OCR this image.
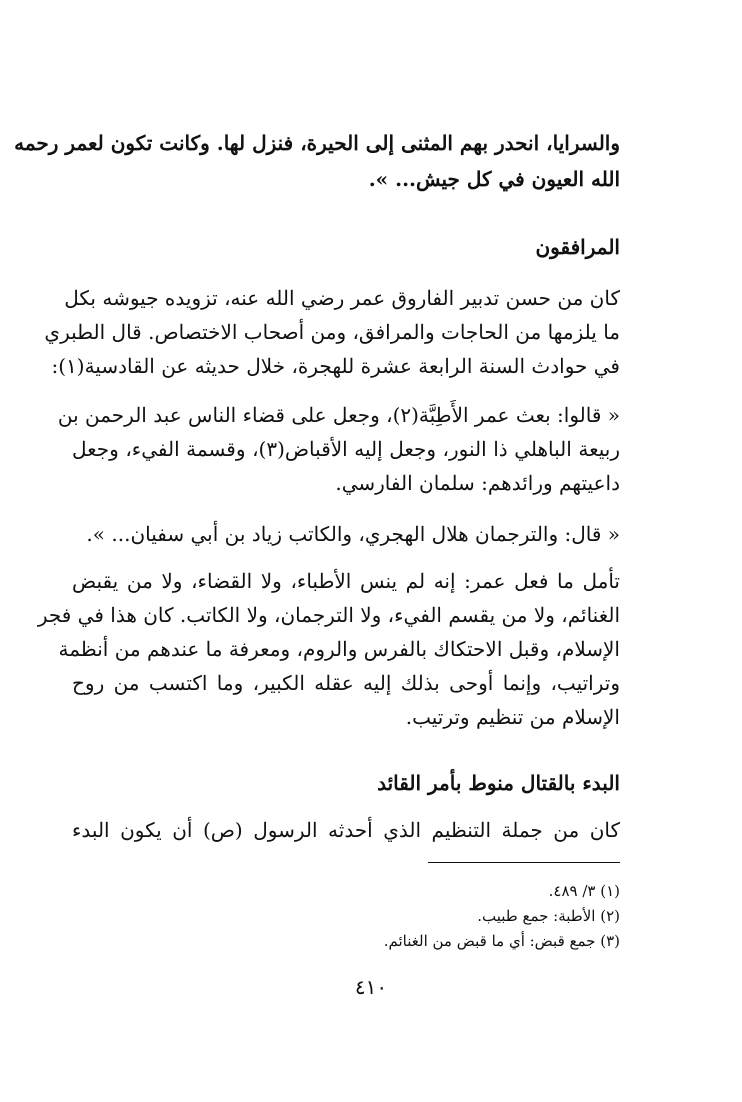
والسرايا، انحدر بهم المثنى إلى الحيرة، فنزل لها. وكانت تكون لعمر رحمه

الله العيون في كل جيش... ».

المرافقون

كان من حسن تدبير الفاروق عمر رضي الله عنه، تزويده جيوشه بكل

ما يلزمها من الحاجات والمرافق، ومن أصحاب الاختصاص. قال الطبري

في حوادث السنة الرابعة عشرة للهجرة، خلال حديثه عن القادسية(١):

« قالوا: بعث عمر الأَطِبَّة(٢)، وجعل على قضاء الناس عبد الرحمن بن

ربيعة الباهلي ذا النور، وجعل إليه الأقباض(٣)، وقسمة الفيء، وجعل

داعيتهم ورائدهم: سلمان الفارسي.

« قال: والترجمان هلال الهجري، والكاتب زياد بن أبي سفيان... ».

تأمل ما فعل عمر: إنه لم ينس الأطباء، ولا القضاء، ولا من يقبض

الغنائم، ولا من يقسم الفيء، ولا الترجمان، ولا الكاتب. كان هذا في فجر

الإسلام، وقبل الاحتكاك بالفرس والروم، ومعرفة ما عندهم من أنظمة

وتراتيب، وإنما أوحى بذلك إليه عقله الكبير، وما اكتسب من روح

الإسلام من تنظيم وترتيب.

البدء بالقتال منوط بأمر القائد

كان من جملة التنظيم الذي أحدثه الرسول (ص) أن يكون البدء

(١) ٣/ ٤٨٩.

(٢) الأطبة: جمع طبيب.

(٣) جمع قبض: أي ما قبض من الغنائم.

٤١٠
